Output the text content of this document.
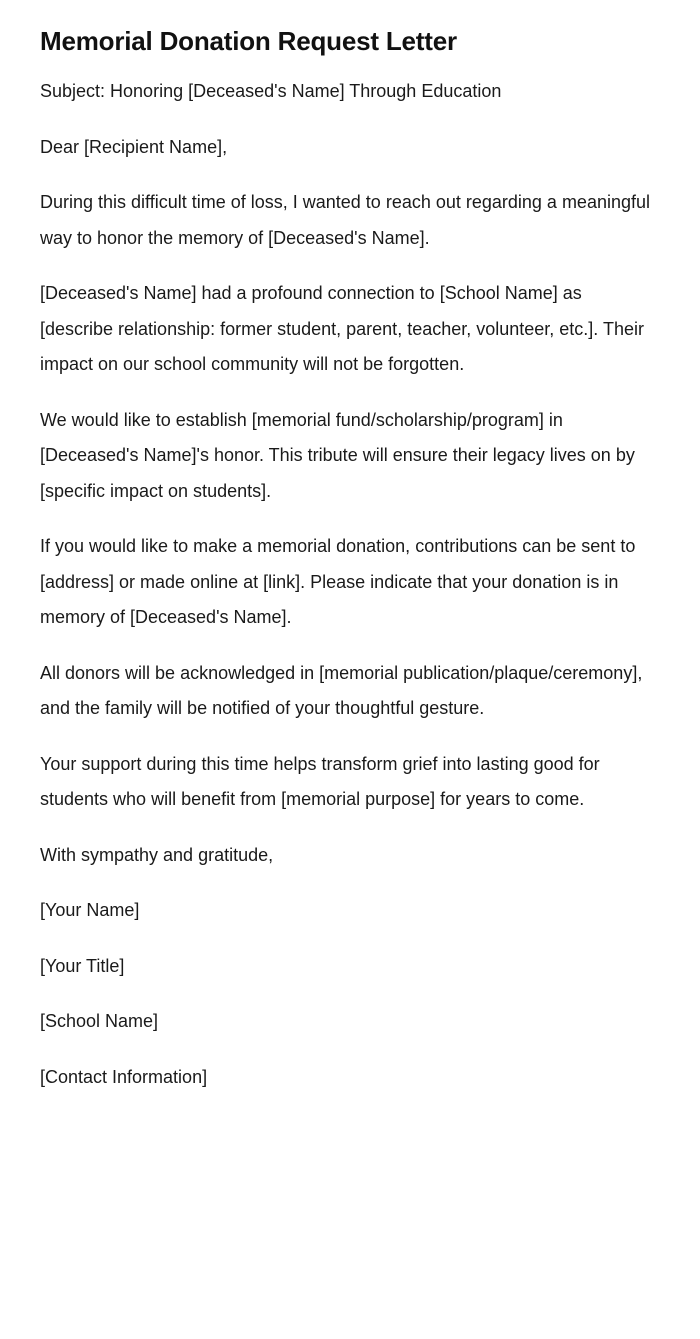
Memorial Donation Request Letter

Subject: Honoring [Deceased's Name] Through Education

Dear [Recipient Name],

During this difficult time of loss, I wanted to reach out regarding a meaningful way to honor the memory of [Deceased's Name].

[Deceased's Name] had a profound connection to [School Name] as [describe relationship: former student, parent, teacher, volunteer, etc.]. Their impact on our school community will not be forgotten.

We would like to establish [memorial fund/scholarship/program] in [Deceased's Name]'s honor. This tribute will ensure their legacy lives on by [specific impact on students].

If you would like to make a memorial donation, contributions can be sent to [address] or made online at [link]. Please indicate that your donation is in memory of [Deceased's Name].

All donors will be acknowledged in [memorial publication/plaque/ceremony], and the family will be notified of your thoughtful gesture.

Your support during this time helps transform grief into lasting good for students who will benefit from [memorial purpose] for years to come.

With sympathy and gratitude,

[Your Name]

[Your Title]

[School Name]

[Contact Information]
